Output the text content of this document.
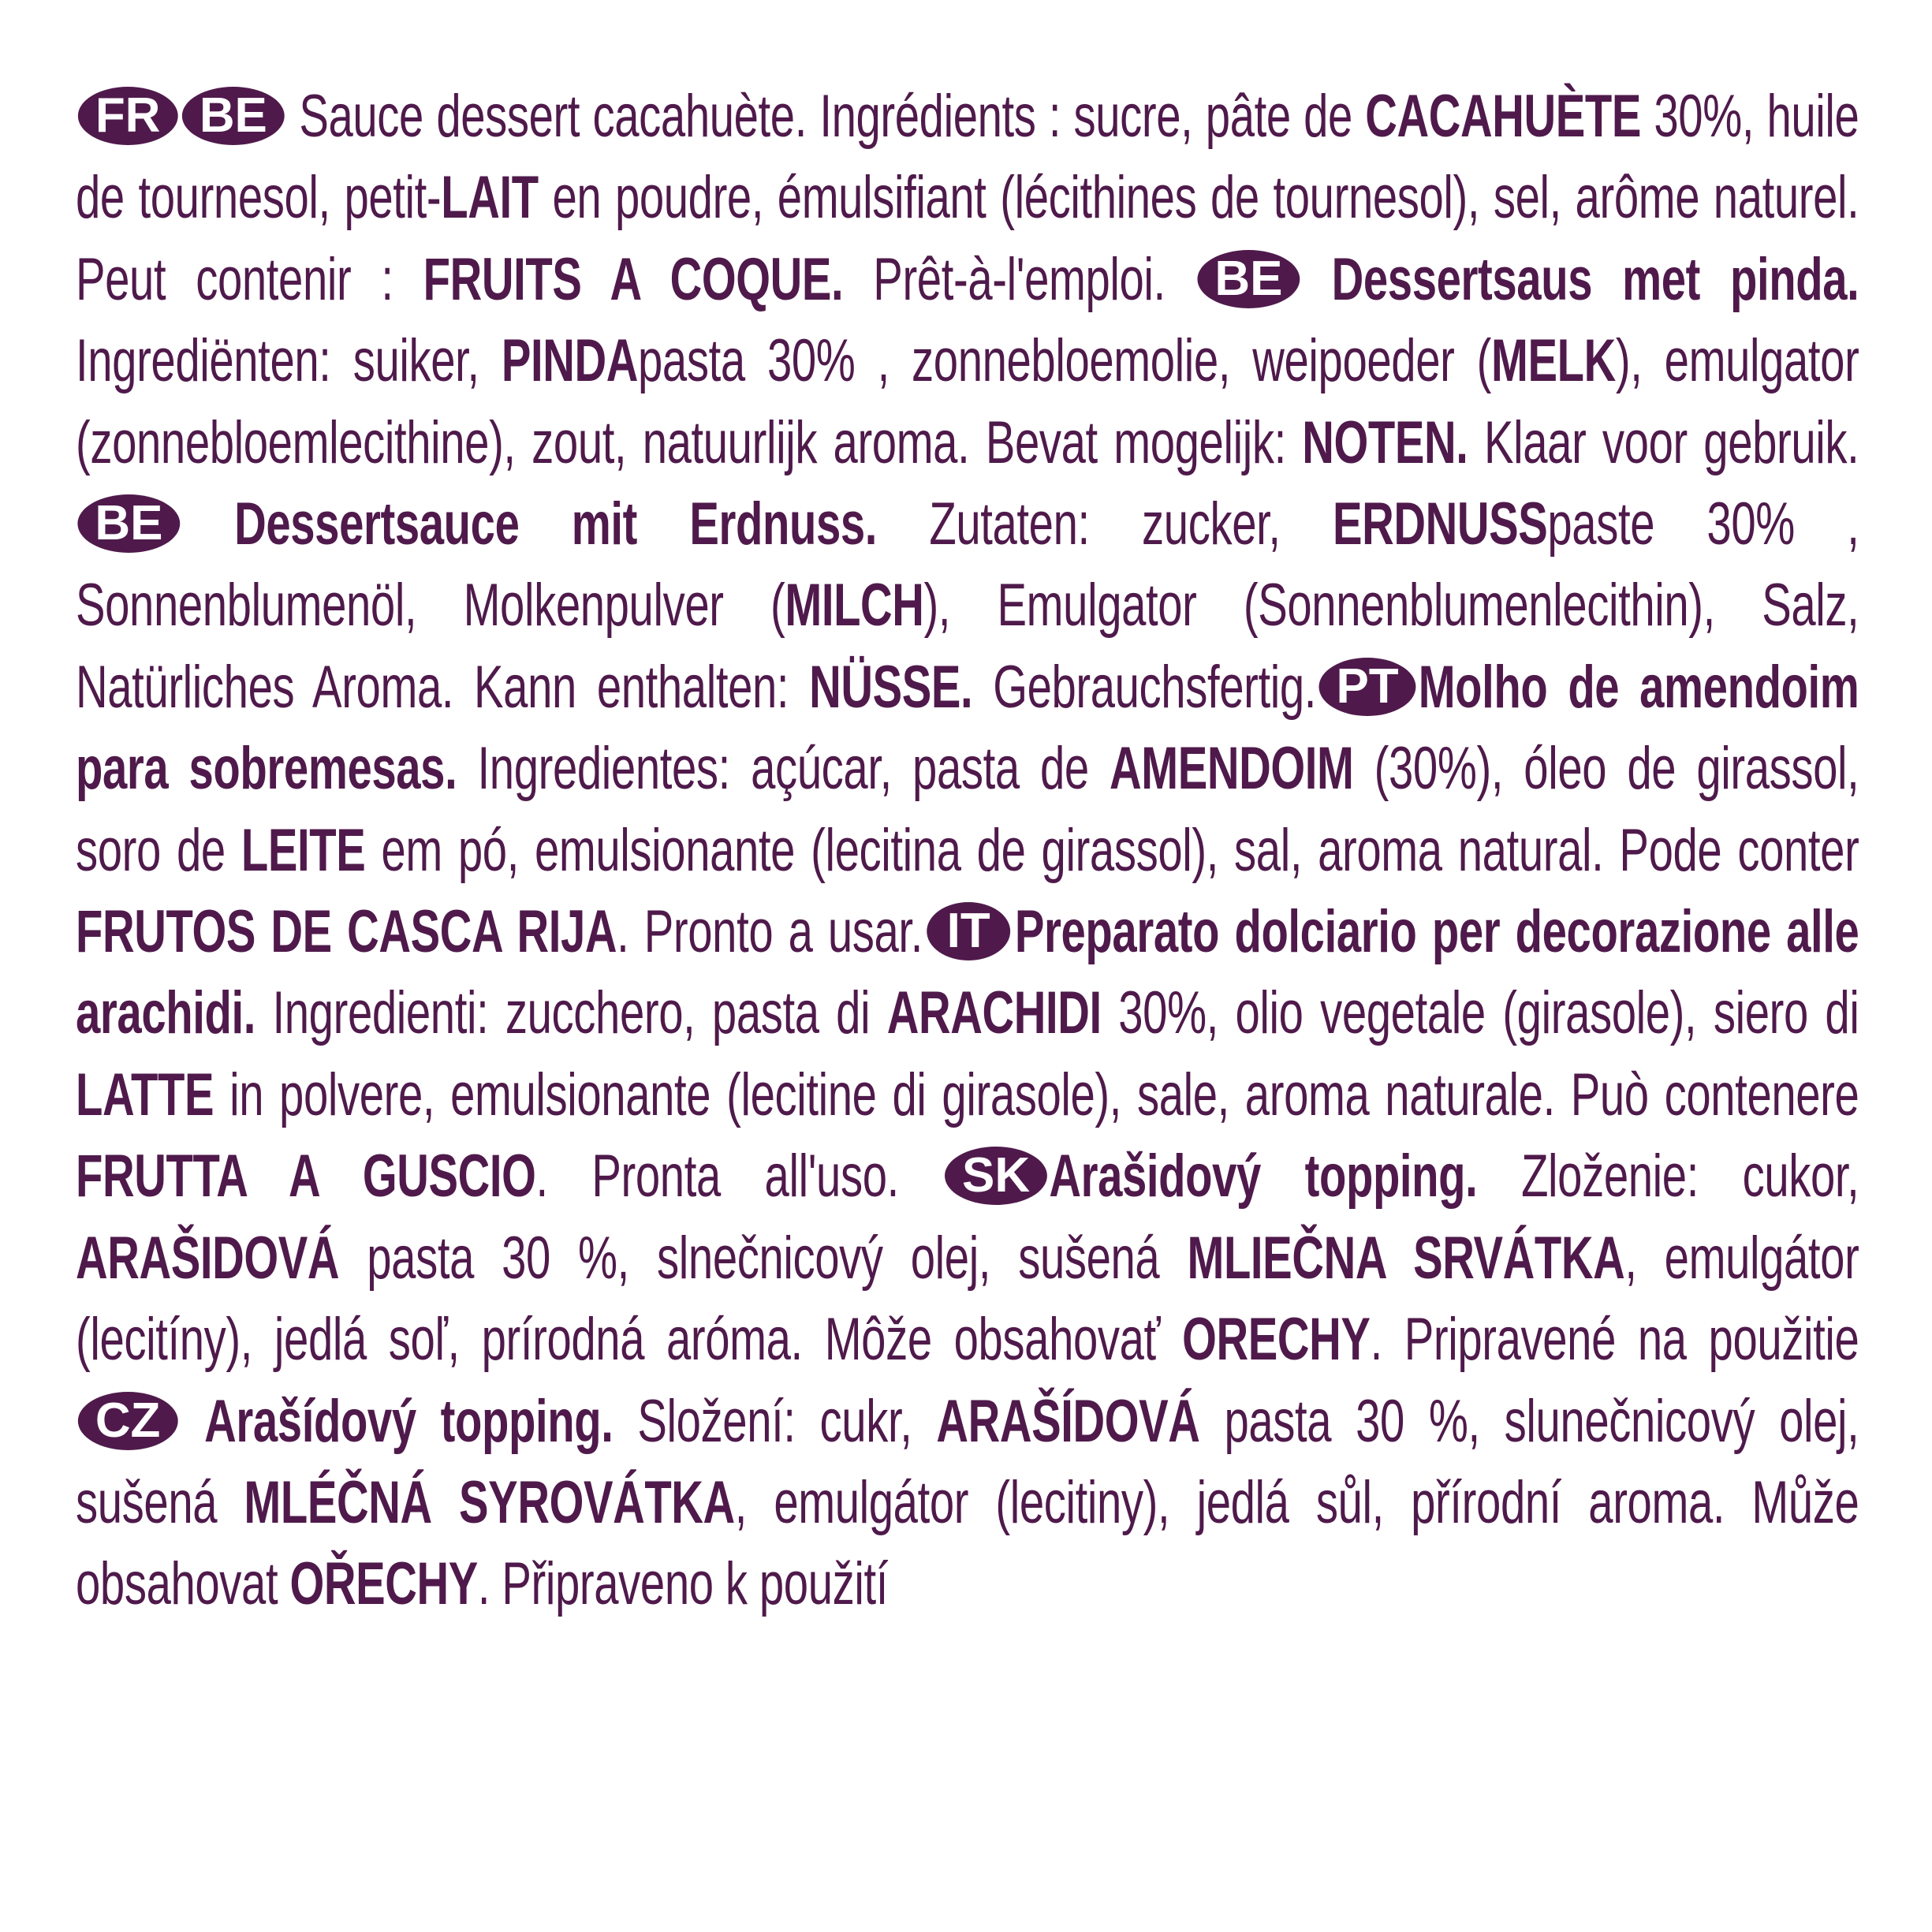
FR BE Sauce dessert cacahuète. Ingrédients : sucre, pâte de CACAHUÈTE 30%, huile de tournesol, petit-LAIT en poudre, émulsifiant (lécithines de tournesol), sel, arôme naturel. Peut contenir : FRUITS A COQUE. Prêt-à-l'emploi. BE Dessertsaus met pinda. Ingrediënten: suiker, PINDApasta 30% , zonnebloemolie, weipoeder (MELK), emulgator (zonnebloemlecithine), zout, natuurlijk aroma. Bevat mogelijk: NOTEN. Klaar voor gebruik. BE Dessertsauce mit Erdnuss. Zutaten: zucker, ERDNUSSpaste 30% , Sonnenblumenöl, Molkenpulver (MILCH), Emulgator (Sonnenblumenlecithin), Salz, Natürliches Aroma. Kann enthalten: NÜSSE. Gebrauchsfertig. PT Molho de amendoim para sobremesas. Ingredientes: açúcar, pasta de AMENDOIM (30%), óleo de girassol, soro de LEITE em pó, emulsionante (lecitina de girassol), sal, aroma natural. Pode conter FRUTOS DE CASCA RIJA. Pronto a usar. IT Preparato dolciario per decorazione alle arachidi. Ingredienti: zucchero, pasta di ARACHIDI 30%, olio vegetale (girasole), siero di LATTE in polvere, emulsionante (lecitine di girasole), sale, aroma naturale. Può contenere FRUTTA A GUSCIO. Pronta all'uso. SK Arašidový topping. Zloženie: cukor, ARAŠIDOVÁ pasta 30 %, slnečnicový olej, sušená MLIEČNA SRVÁTKA, emulgátor (lecitíny), jedlá soľ, prírodná aróma. Môže obsahovať ORECHY. Pripravené na použitie CZ Arašídový topping. Složení: cukr, ARAŠÍDOVÁ pasta 30 %, slunečnicový olej, sušená MLÉČNÁ SYROVÁTKA, emulgátor (lecitiny), jedlá sůl, přírodní aroma. Může obsahovat OŘECHY. Připraveno k použití
